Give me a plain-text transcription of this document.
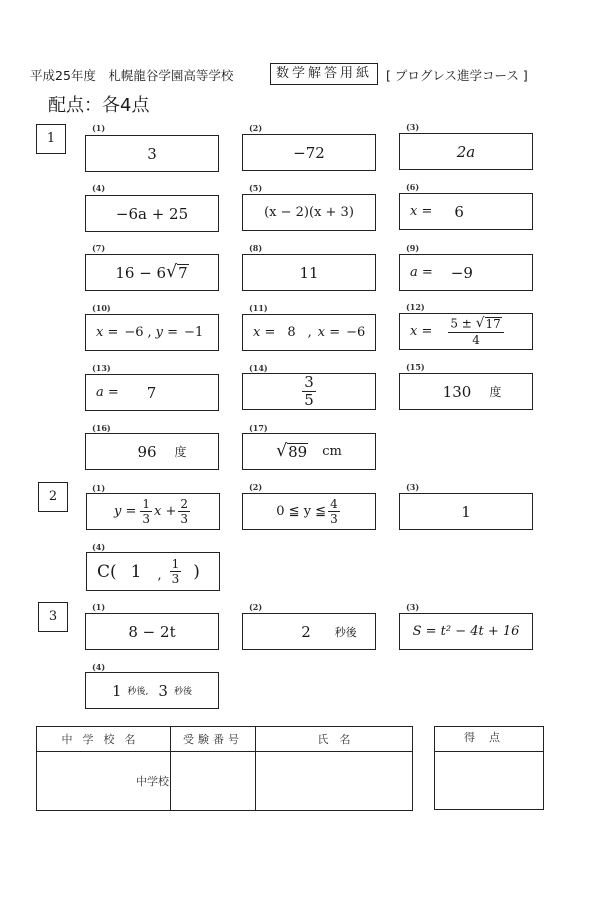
平成25年度　札幌龍谷学園高等学校	数学解答用紙	[ プログレス進学コース ]
配点：各4点
1
(1)
3
(2)
−72
(3)
2a
(4)
−6a + 25
(5)
(x − 2)(x + 3)
(6)
x = 6
(7)
16 − 6 √ 7
(8)
11
(9)
a = −9
(10)
x = −6 , y = −1
(11)
x = 8 , x = −6
(12)
$x = \frac{5 \pm √ 17}{4}$
(13)
a = 7
(14)
$\frac{3}{5}$
(15)
130 度
(16)
96 度
(17)
√ 89 cm
2
(1)
$y = \frac{1}{3}$ $x + \frac{2}{3}$
(2)
0 ≦ y ≦ $\frac{4}{3}$
(3)
1
(4)
C( 1 , $\frac{1}{3}$ )
3
(1)
8 − 2t
(2)
2 秒後
(3)
S = t² − 4t + 16
(4)
1 秒後, 3 秒後
中学校名	受験番号	氏　名
中学校		
得点
